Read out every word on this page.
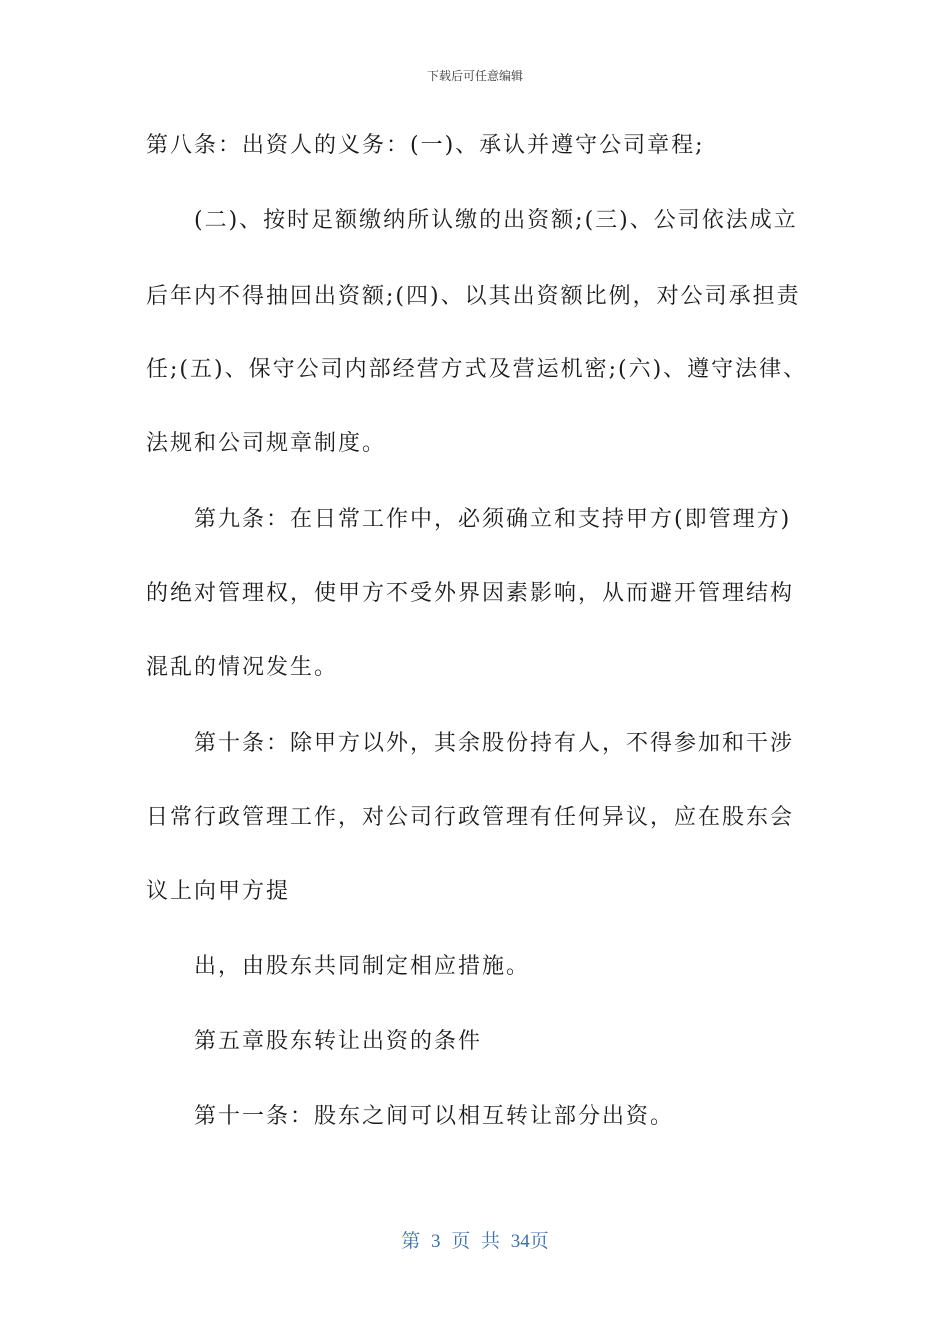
下载后可任意编辑
第八条：出资人的义务：(一)、承认并遵守公司章程;
(二)、按时足额缴纳所认缴的出资额;(三)、公司依法成立
后年内不得抽回出资额;(四)、以其出资额比例，对公司承担责
任;(五)、保守公司内部经营方式及营运机密;(六)、遵守法律、
法规和公司规章制度。
第九条：在日常工作中，必须确立和支持甲方(即管理方)
的绝对管理权，使甲方不受外界因素影响，从而避开管理结构
混乱的情况发生。
第十条：除甲方以外，其余股份持有人，不得参加和干涉
日常行政管理工作，对公司行政管理有任何异议，应在股东会
议上向甲方提
出，由股东共同制定相应措施。
第五章股东转让出资的条件
第十一条：股东之间可以相互转让部分出资。
第 3 页 共 34页
